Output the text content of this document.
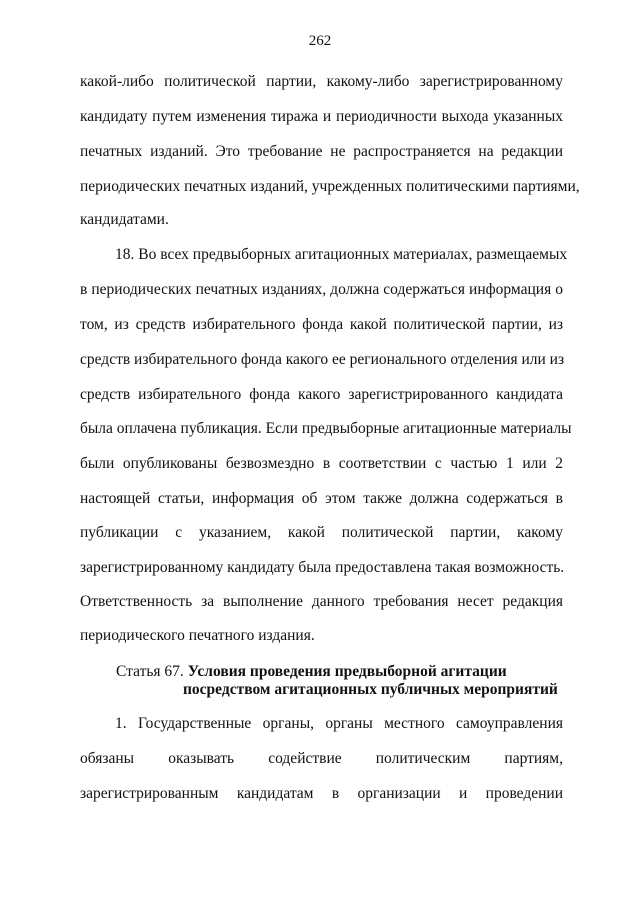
262
какой-либо политической партии, какому-либо зарегистрированному
кандидату путем изменения тиража и периодичности выхода указанных
печатных изданий. Это требование не распространяется на редакции
периодических печатных изданий, учрежденных политическими партиями,
кандидатами.
18. Во всех предвыборных агитационных материалах, размещаемых
в периодических печатных изданиях, должна содержаться информация о
том, из средств избирательного фонда какой политической партии, из
средств избирательного фонда какого ее регионального отделения или из
средств избирательного фонда какого зарегистрированного кандидата
была оплачена публикация. Если предвыборные агитационные материалы
были опубликованы безвозмездно в соответствии с частью 1 или 2
настоящей статьи, информация об этом также должна содержаться в
публикации с указанием, какой политической партии, какому
зарегистрированному кандидату была предоставлена такая возможность.
Ответственность за выполнение данного требования несет редакция
периодического печатного издания.
Статья 67. Условия проведения предвыборной агитации
посредством агитационных публичных мероприятий
1. Государственные органы, органы местного самоуправления
обязаны оказывать содействие политическим партиям,
зарегистрированным кандидатам в организации и проведении
